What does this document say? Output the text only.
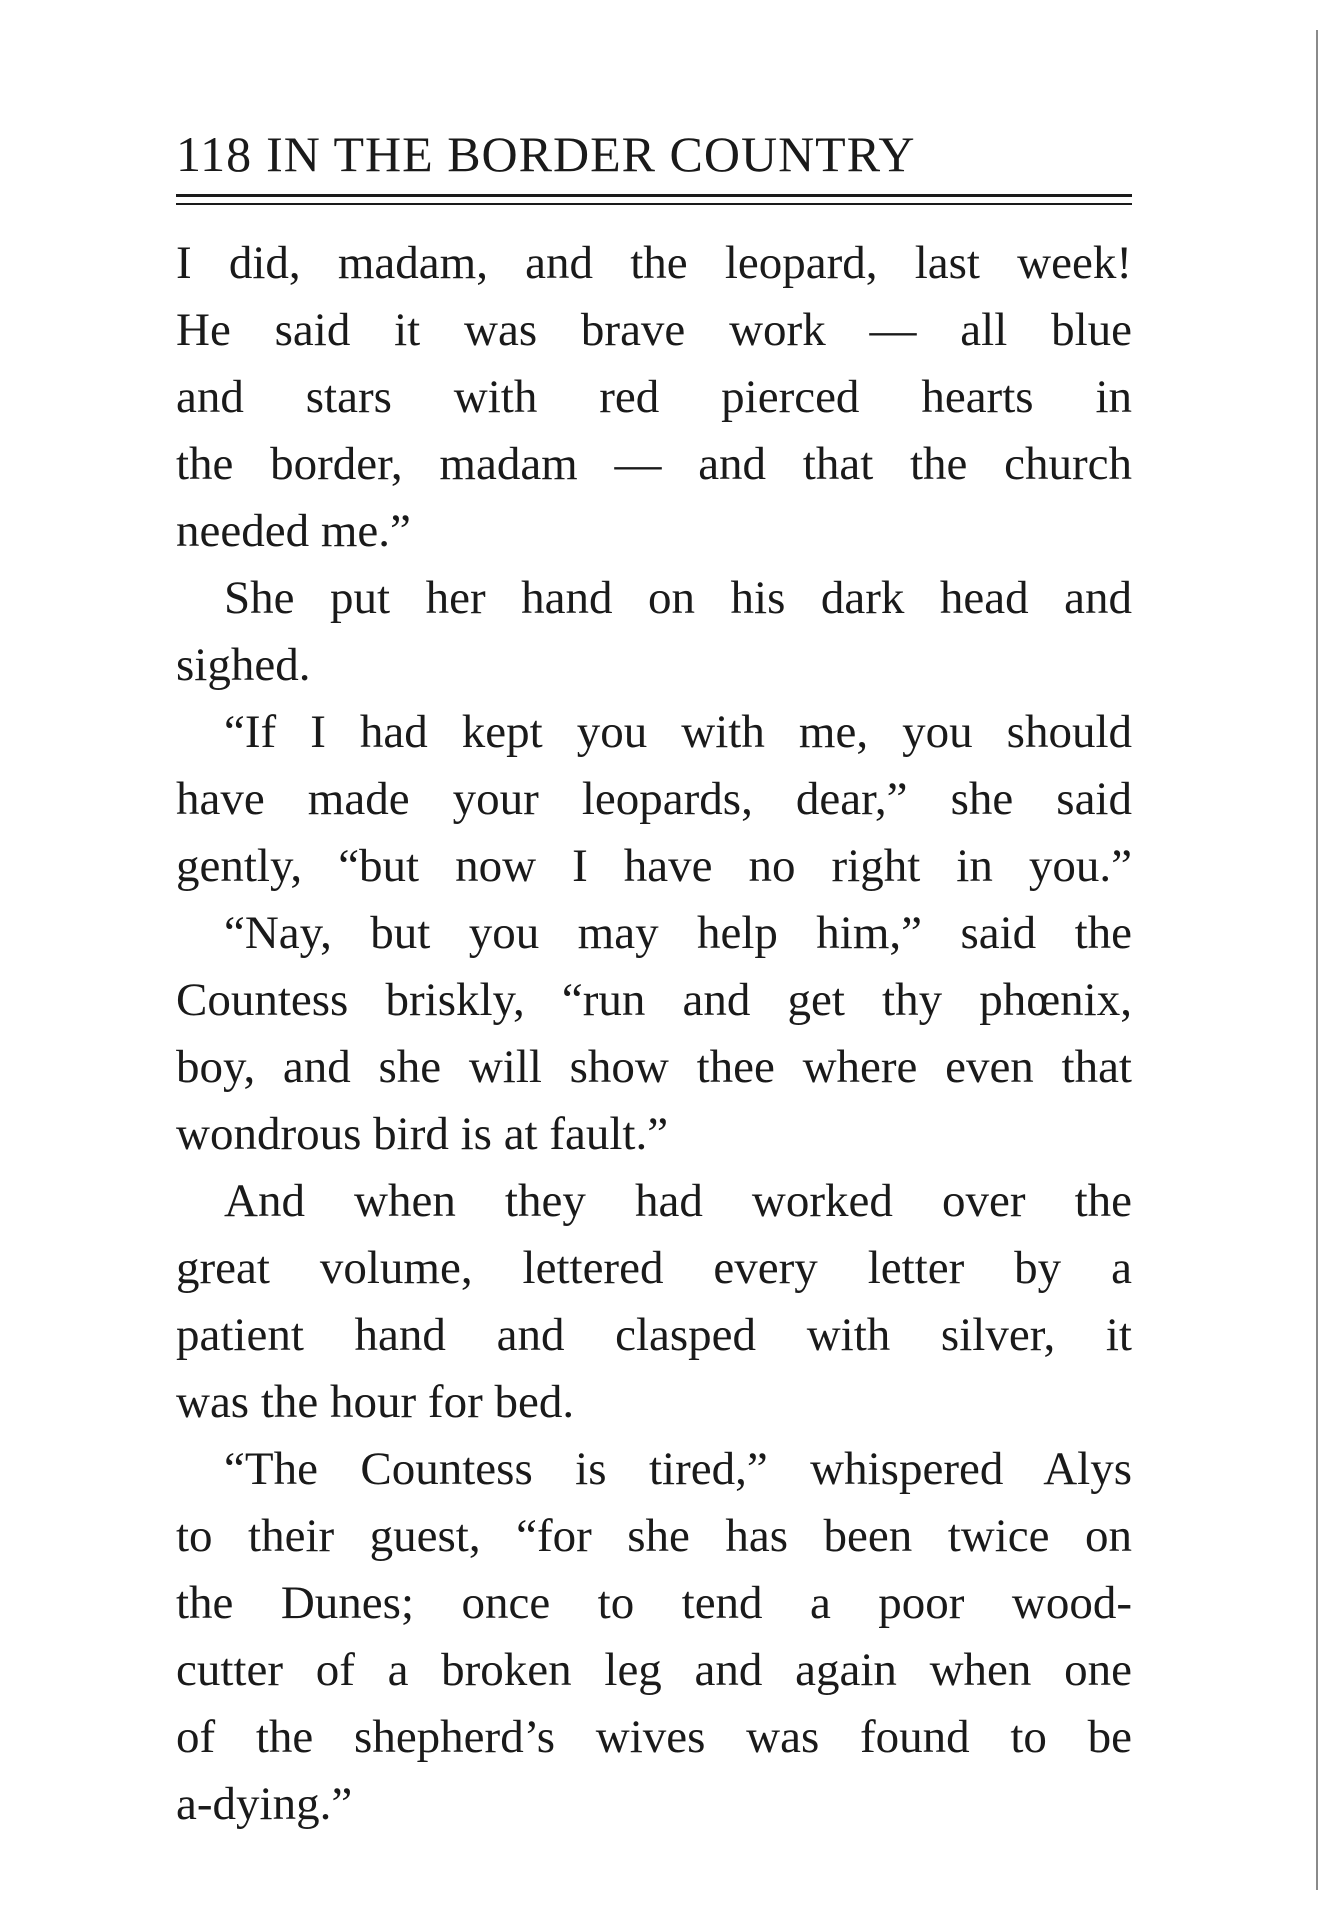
118 IN THE BORDER COUNTRY
I did, madam, and the leopard, last week!
He said it was brave work — all blue
and stars with red pierced hearts in
the border, madam — and that the church
needed me.”
She put her hand on his dark head and
sighed.
“If I had kept you with me, you should
have made your leopards, dear,” she said
gently, “but now I have no right in you.”
“Nay, but you may help him,” said the
Countess briskly, “run and get thy phœnix,
boy, and she will show thee where even that
wondrous bird is at fault.”
And when they had worked over the
great volume, lettered every letter by a
patient hand and clasped with silver, it
was the hour for bed.
“The Countess is tired,” whispered Alys
to their guest, “for she has been twice on
the Dunes; once to tend a poor wood-
cutter of a broken leg and again when one
of the shepherd’s wives was found to be
a-dying.”
